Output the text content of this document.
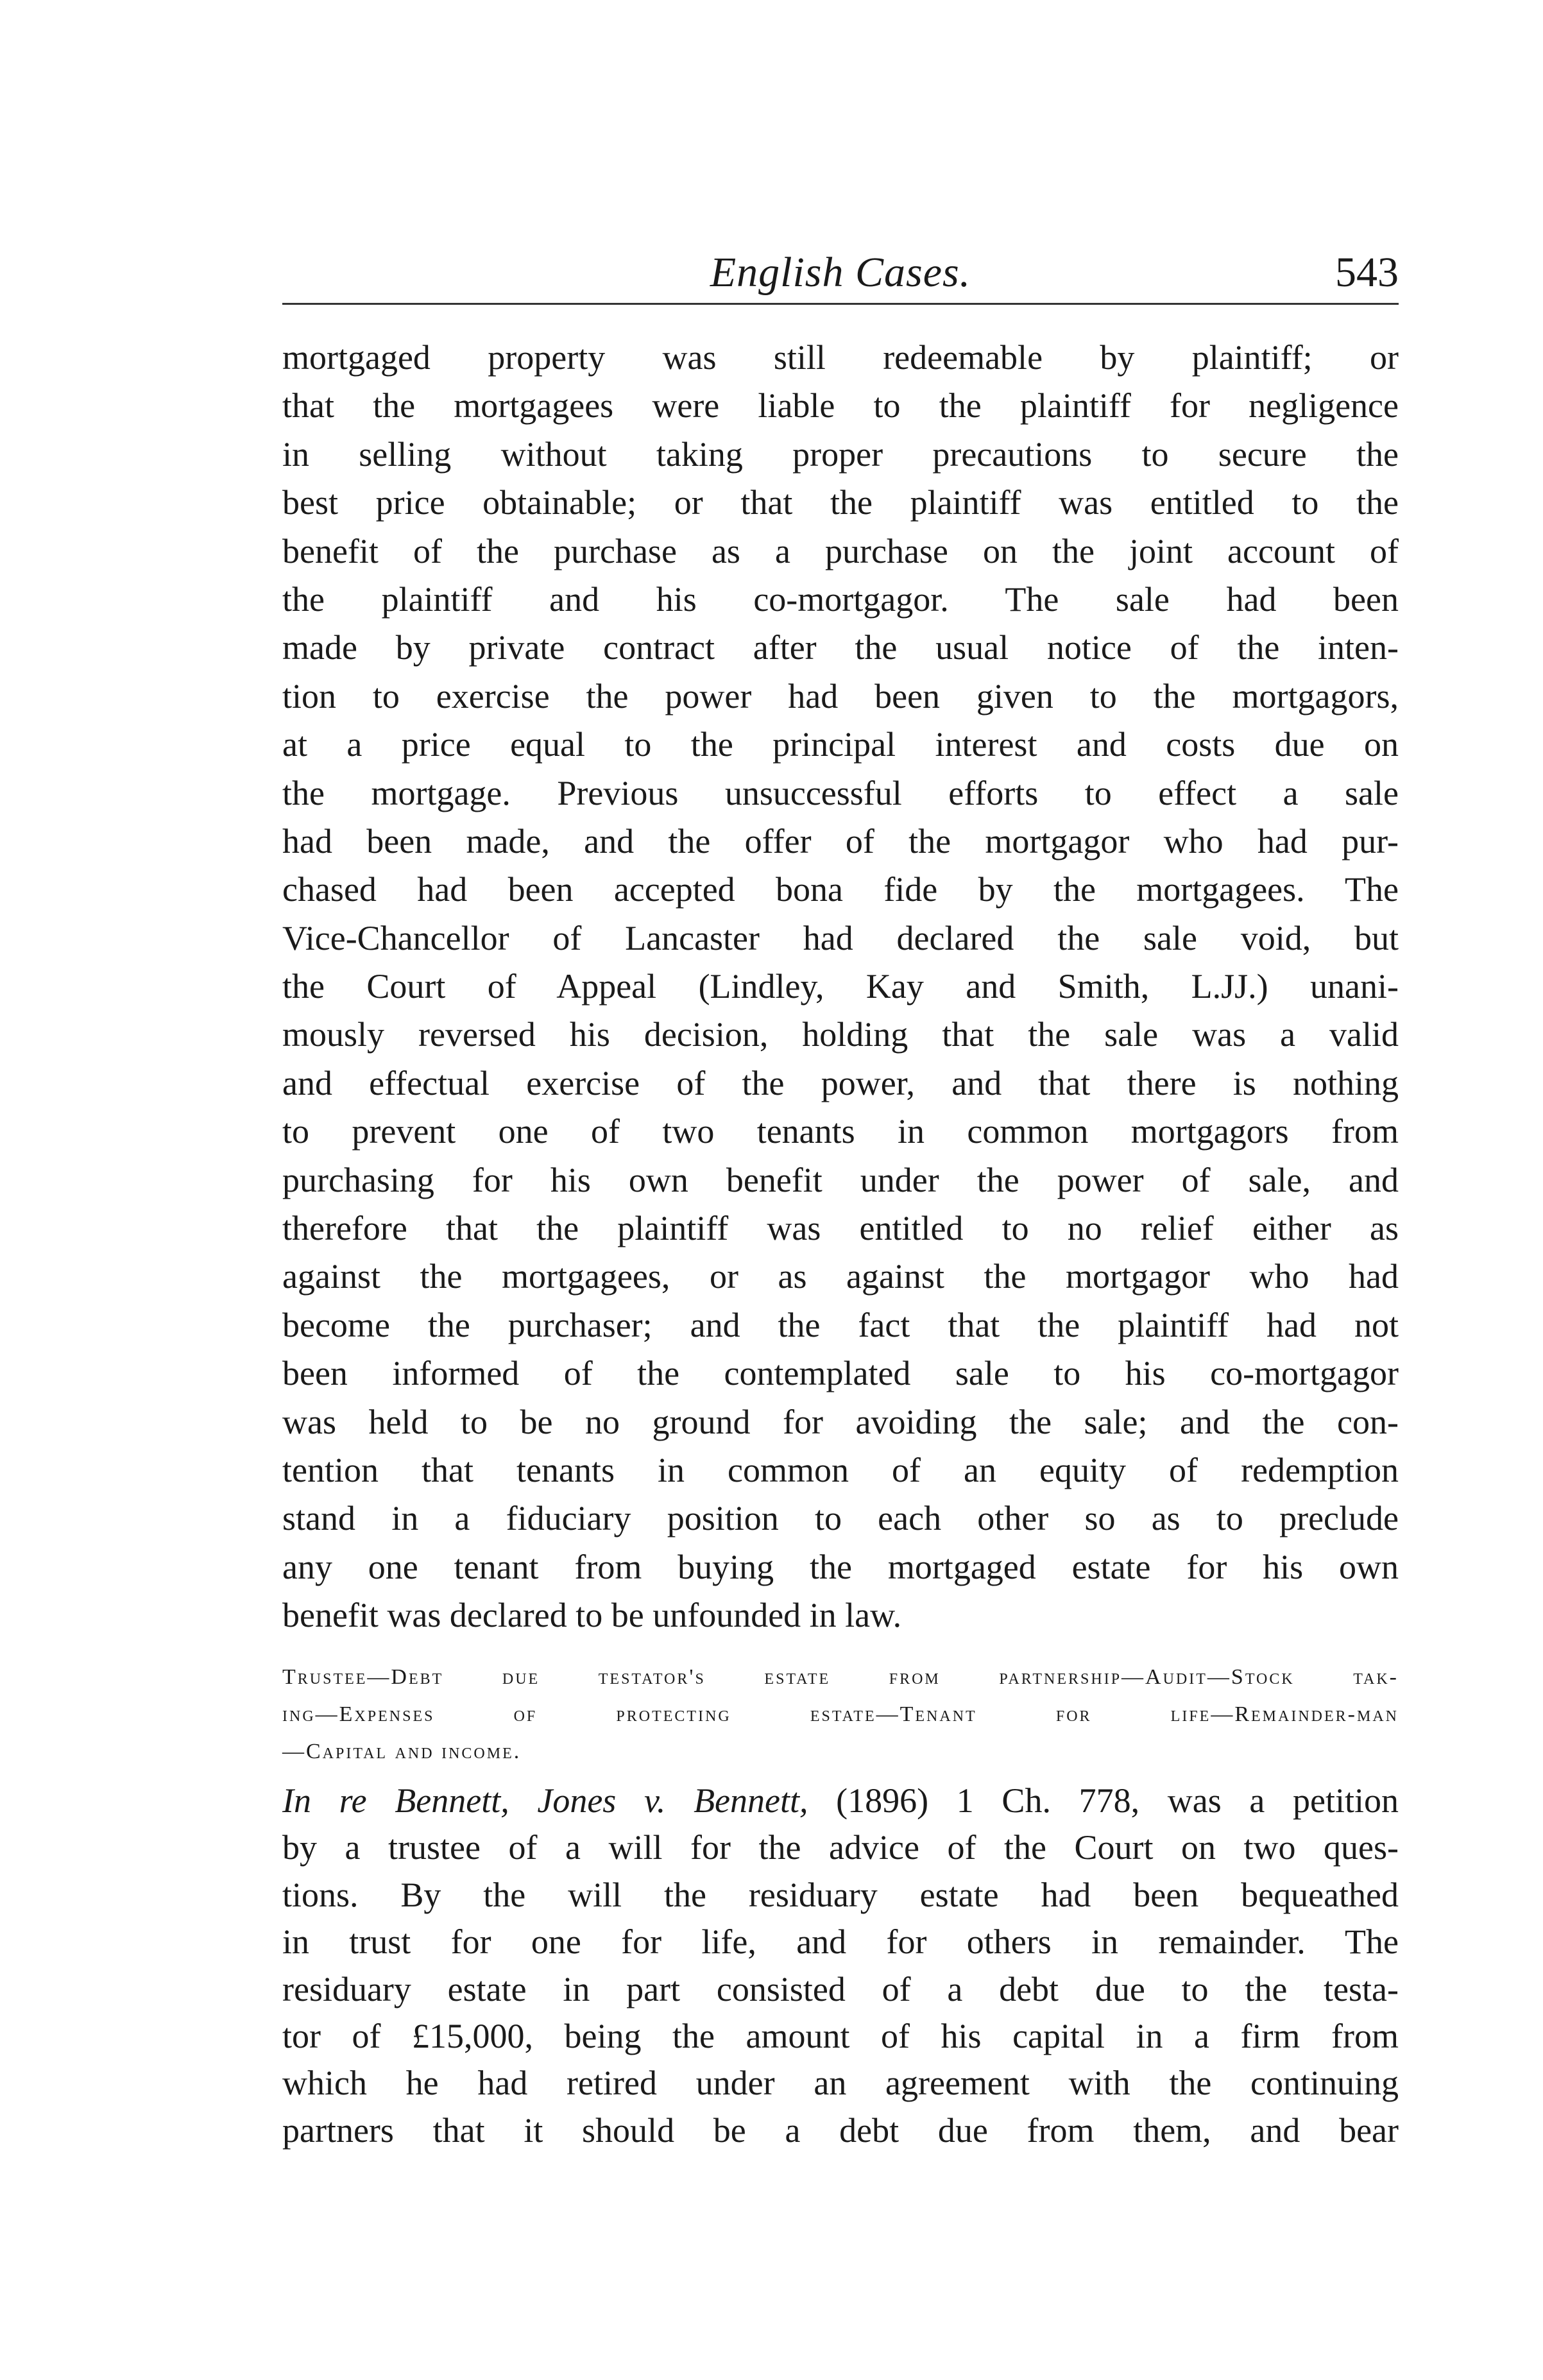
English Cases.	543
mortgaged property was still redeemable by plaintiff; or
that the mortgagees were liable to the plaintiff for negligence
in selling without taking proper precautions to secure the
best price obtainable; or that the plaintiff was entitled to the
benefit of the purchase as a purchase on the joint account of
the plaintiff and his co-mortgagor. The sale had been
made by private contract after the usual notice of the inten-
tion to exercise the power had been given to the mortgagors,
at a price equal to the principal interest and costs due on
the mortgage. Previous unsuccessful efforts to effect a sale
had been made, and the offer of the mortgagor who had pur-
chased had been accepted bona fide by the mortgagees. The
Vice-Chancellor of Lancaster had declared the sale void, but
the Court of Appeal (Lindley, Kay and Smith, L.JJ.) unani-
mously reversed his decision, holding that the sale was a valid
and effectual exercise of the power, and that there is nothing
to prevent one of two tenants in common mortgagors from
purchasing for his own benefit under the power of sale, and
therefore that the plaintiff was entitled to no relief either as
against the mortgagees, or as against the mortgagor who had
become the purchaser; and the fact that the plaintiff had not
been informed of the contemplated sale to his co-mortgagor
was held to be no ground for avoiding the sale; and the con-
tention that tenants in common of an equity of redemption
stand in a fiduciary position to each other so as to preclude
any one tenant from buying the mortgaged estate for his own
benefit was declared to be unfounded in law.
Trustee—Debt due testator's estate from partnership—Audit—Stock tak-
ing—Expenses of protecting estate—Tenant for life—Remainder-man
—Capital and income.
In re Bennett, Jones v. Bennett, (1896) 1 Ch. 778, was a petition
by a trustee of a will for the advice of the Court on two ques-
tions. By the will the residuary estate had been bequeathed
in trust for one for life, and for others in remainder. The
residuary estate in part consisted of a debt due to the testa-
tor of £15,000, being the amount of his capital in a firm from
which he had retired under an agreement with the continuing
partners that it should be a debt due from them, and bear
